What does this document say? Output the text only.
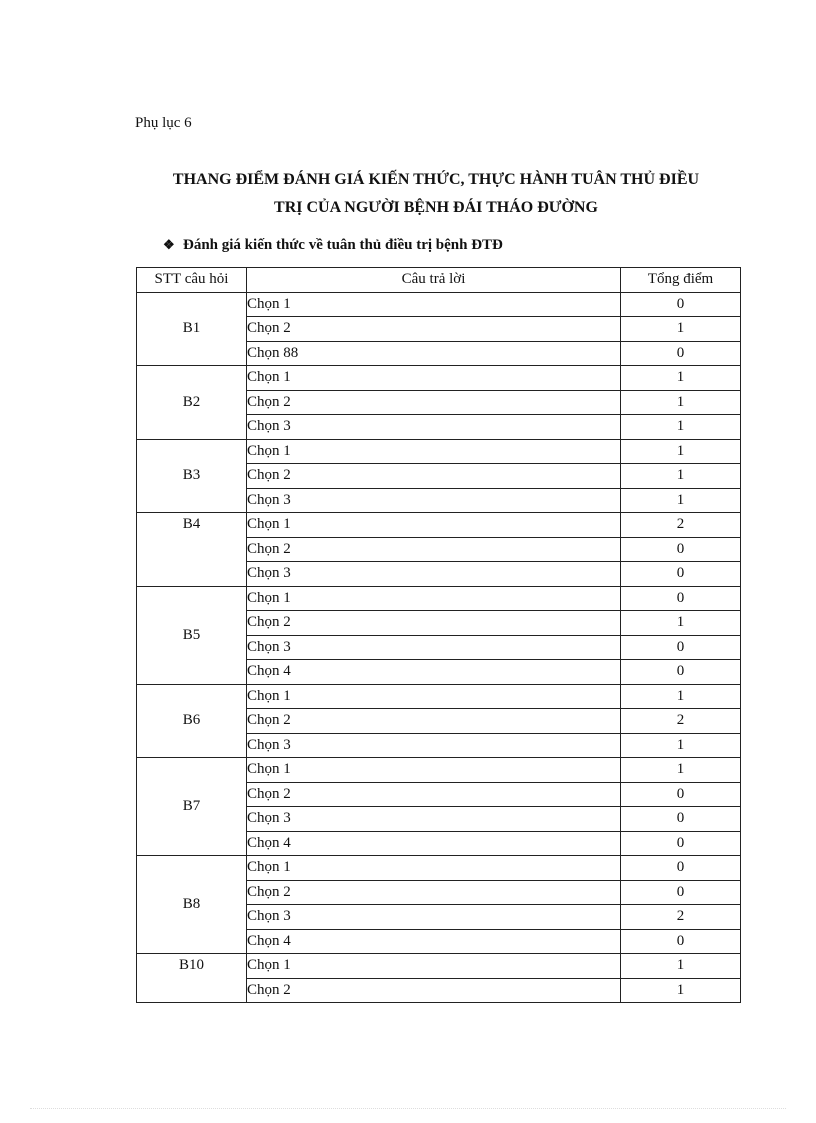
Phụ lục 6
THANG ĐIỂM ĐÁNH GIÁ KIẾN THỨC, THỰC HÀNH TUÂN THỦ ĐIỀU
TRỊ CỦA NGƯỜI BỆNH ĐÁI THÁO ĐƯỜNG
❖ Đánh giá kiến thức về tuân thủ điều trị bệnh ĐTĐ
STT câu hỏi	Câu trả lời	Tổng điểm
B1	Chọn 1	0
	Chọn 2	1
	Chọn 88	0
B2	Chọn 1	1
	Chọn 2	1
	Chọn 3	1
B3	Chọn 1	1
	Chọn 2	1
	Chọn 3	1
B4	Chọn 1	2
	Chọn 2	0
	Chọn 3	0
B5	Chọn 1	0
	Chọn 2	1
	Chọn 3	0
	Chọn 4	0
B6	Chọn 1	1
	Chọn 2	2
	Chọn 3	1
B7	Chọn 1	1
	Chọn 2	0
	Chọn 3	0
	Chọn 4	0
B8	Chọn 1	0
	Chọn 2	0
	Chọn 3	2
	Chọn 4	0
B10	Chọn 1	1
	Chọn 2	1
